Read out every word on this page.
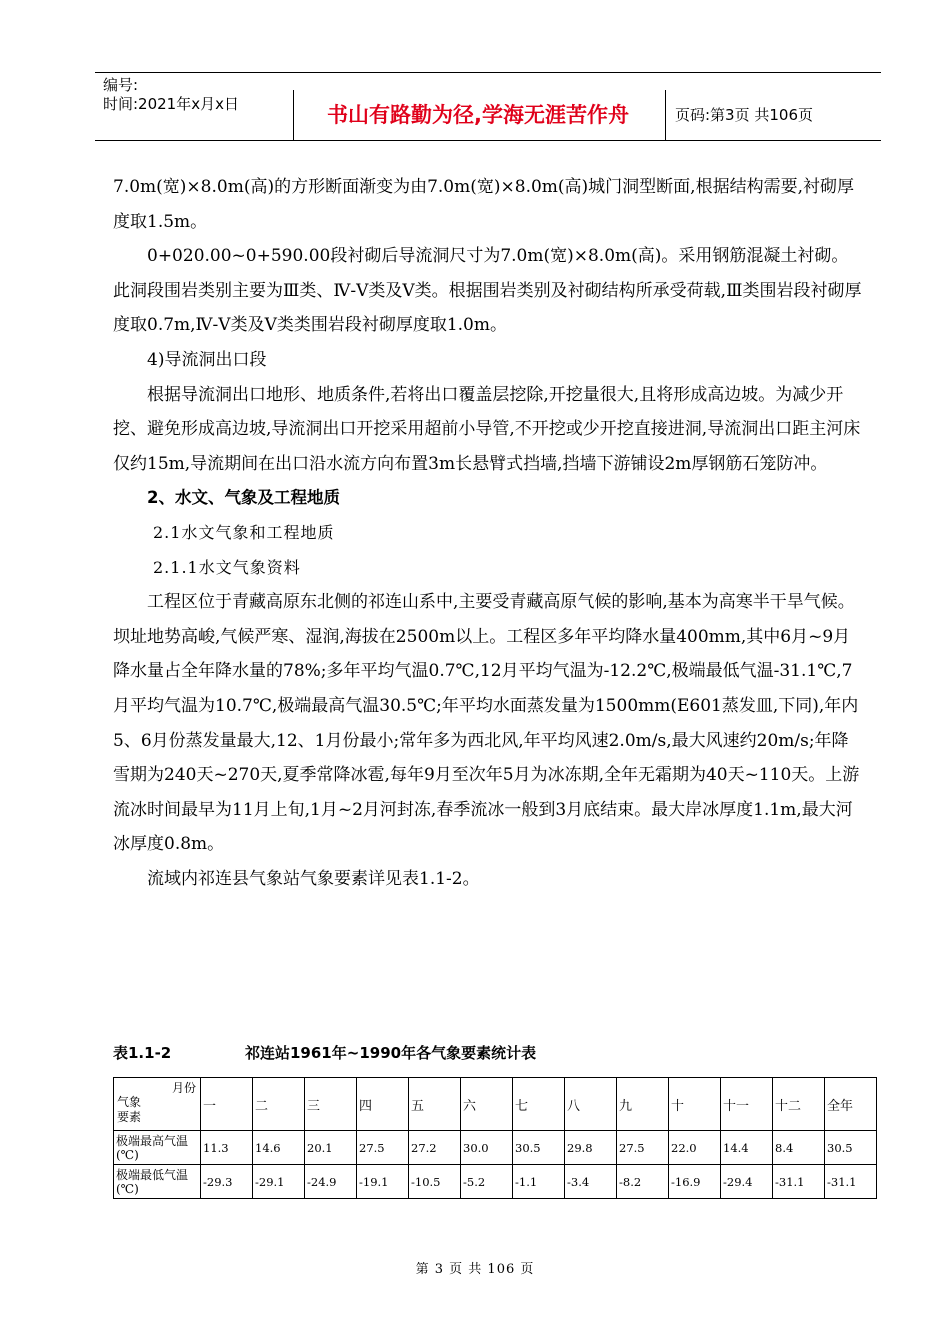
编号:
时间:2021年x月x日	书山有路勤为径,学海无涯苦作舟	页码:第3页 共106页

7.0m(宽)×8.0m(高)的方形断面渐变为由7.0m(宽)×8.0m(高)城门洞型断面,根据结构需要,衬砌厚度取1.5m。

0+020.00~0+590.00段衬砌后导流洞尺寸为7.0m(宽)×8.0m(高)。采用钢筋混凝土衬砌。此洞段围岩类别主要为Ⅲ类、Ⅳ-Ⅴ类及Ⅴ类。根据围岩类别及衬砌结构所承受荷载,Ⅲ类围岩段衬砌厚度取0.7m,Ⅳ-Ⅴ类及Ⅴ类类围岩段衬砌厚度取1.0m。

4)导流洞出口段

根据导流洞出口地形、地质条件,若将出口覆盖层挖除,开挖量很大,且将形成高边坡。为减少开挖、避免形成高边坡,导流洞出口开挖采用超前小导管,不开挖或少开挖直接进洞,导流洞出口距主河床仅约15m,导流期间在出口沿水流方向布置3m长悬臂式挡墙,挡墙下游铺设2m厚钢筋石笼防冲。

2、水文、气象及工程地质

2.1水文气象和工程地质

2.1.1水文气象资料

工程区位于青藏高原东北侧的祁连山系中,主要受青藏高原气候的影响,基本为高寒半干旱气候。坝址地势高峻,气候严寒、湿润,海拔在2500m以上。工程区多年平均降水量400mm,其中6月~9月降水量占全年降水量的78%;多年平均气温0.7℃,12月平均气温为-12.2℃,极端最低气温-31.1℃,7月平均气温为10.7℃,极端最高气温30.5℃;年平均水面蒸发量为1500mm(E601蒸发皿,下同),年内5、6月份蒸发量最大,12、1月份最小;常年多为西北风,年平均风速2.0m/s,最大风速约20m/s;年降雪期为240天~270天,夏季常降冰雹,每年9月至次年5月为冰冻期,全年无霜期为40天~110天。上游流冰时间最早为11月上旬,1月~2月河封冻,春季流冰一般到3月底结束。最大岸冰厚度1.1m,最大河冰厚度0.8m。

流域内祁连县气象站气象要素详见表1.1-2。

表1.1-2	祁连站1961年~1990年各气象要素统计表
月份
气象
要素	一	二	三	四	五	六	七	八	九	十	十一	十二	全年
极端最高气温(℃)	11.3	14.6	20.1	27.5	27.2	30.0	30.5	29.8	27.5	22.0	14.4	8.4	30.5
极端最低气温(℃)	-29.3	-29.1	-24.9	-19.1	-10.5	-5.2	-1.1	-3.4	-8.2	-16.9	-29.4	-31.1	-31.1
第 3 页 共 106 页
